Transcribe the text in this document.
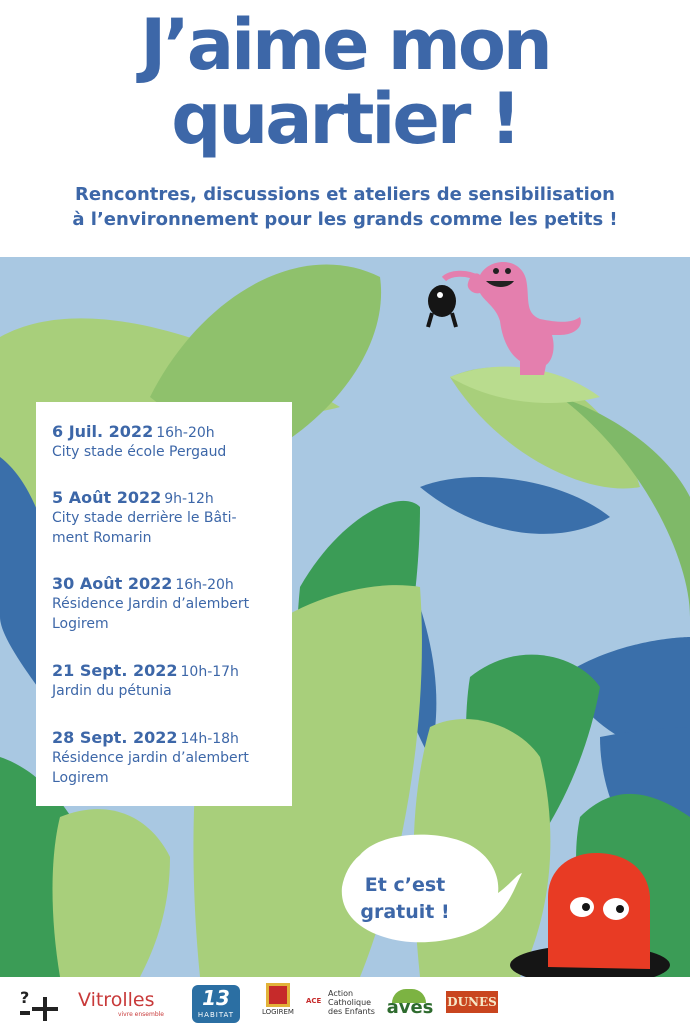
J’aime mon
quartier !
Rencontres, discussions et ateliers de sensibilisation
à l’environnement pour les grands comme les petits !
6 Juil. 2022 16h-20h
City stade école Pergaud
5 Août 2022 9h-12h
City stade derrière le Bâti-
ment Romarin
30 Août 2022 16h-20h
Résidence Jardin d’alembert
Logirem
21 Sept. 2022 10h-17h
Jardin du pétunia
28 Sept. 2022 14h-18h
Résidence jardin d’alembert
Logirem
Et c’est
gratuit !
?	Vitrolles
vivre ensemble
13
HABITAT	LOGIREM
ACE
Action
Catholique
des Enfants aves DUNES
